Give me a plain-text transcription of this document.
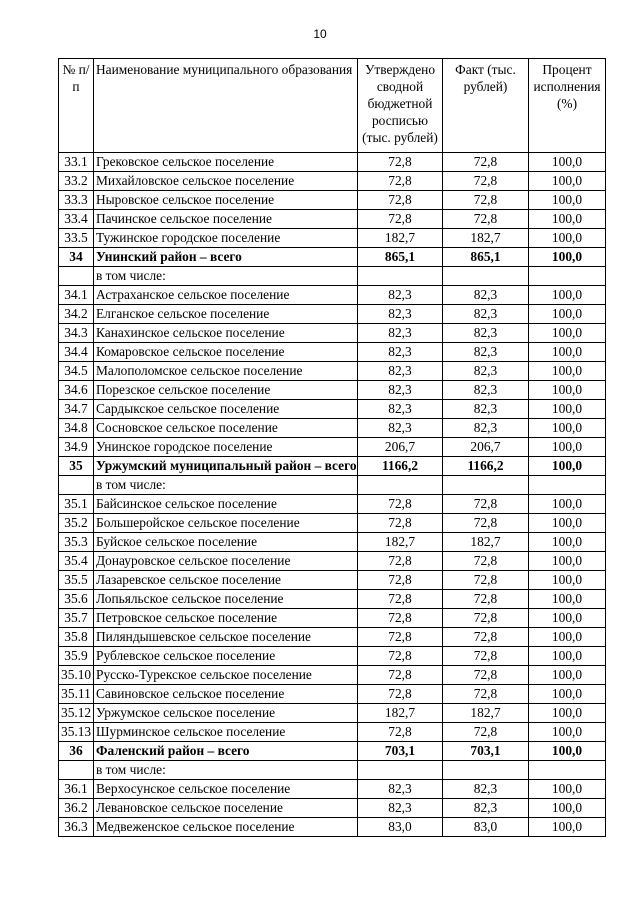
10
№ п/п	Наименование муниципального образования	Утверждено сводной бюджетной росписью (тыс. рублей)	Факт (тыс. рублей)	Процент исполнения (%)
33.1	Грековское сельское поселение	72,8	72,8	100,0
33.2	Михайловское сельское поселение	72,8	72,8	100,0
33.3	Ныровское сельское поселение	72,8	72,8	100,0
33.4	Пачинское сельское поселение	72,8	72,8	100,0
33.5	Тужинское городское поселение	182,7	182,7	100,0
34	Унинский район – всего	865,1	865,1	100,0
	в том числе:			
34.1	Астраханское сельское поселение	82,3	82,3	100,0
34.2	Елганское сельское поселение	82,3	82,3	100,0
34.3	Канахинское сельское поселение	82,3	82,3	100,0
34.4	Комаровское сельское поселение	82,3	82,3	100,0
34.5	Малополомское сельское поселение	82,3	82,3	100,0
34.6	Порезское сельское поселение	82,3	82,3	100,0
34.7	Сардыкское сельское поселение	82,3	82,3	100,0
34.8	Сосновское сельское поселение	82,3	82,3	100,0
34.9	Унинское городское поселение	206,7	206,7	100,0
35	Уржумский муниципальный район – всего	1166,2	1166,2	100,0
	в том числе:			
35.1	Байсинское сельское поселение	72,8	72,8	100,0
35.2	Большеройское сельское поселение	72,8	72,8	100,0
35.3	Буйское сельское поселение	182,7	182,7	100,0
35.4	Донауровское сельское поселение	72,8	72,8	100,0
35.5	Лазаревское сельское поселение	72,8	72,8	100,0
35.6	Лопьяльское сельское поселение	72,8	72,8	100,0
35.7	Петровское сельское поселение	72,8	72,8	100,0
35.8	Пиляндышевское сельское поселение	72,8	72,8	100,0
35.9	Рублевское сельское поселение	72,8	72,8	100,0
35.10	Русско-Турекское сельское поселение	72,8	72,8	100,0
35.11	Савиновское сельское поселение	72,8	72,8	100,0
35.12	Уржумское сельское поселение	182,7	182,7	100,0
35.13	Шурминское сельское поселение	72,8	72,8	100,0
36	Фаленский район – всего	703,1	703,1	100,0
	в том числе:			
36.1	Верхосунское сельское поселение	82,3	82,3	100,0
36.2	Левановское сельское поселение	82,3	82,3	100,0
36.3	Медвеженское сельское поселение	83,0	83,0	100,0
